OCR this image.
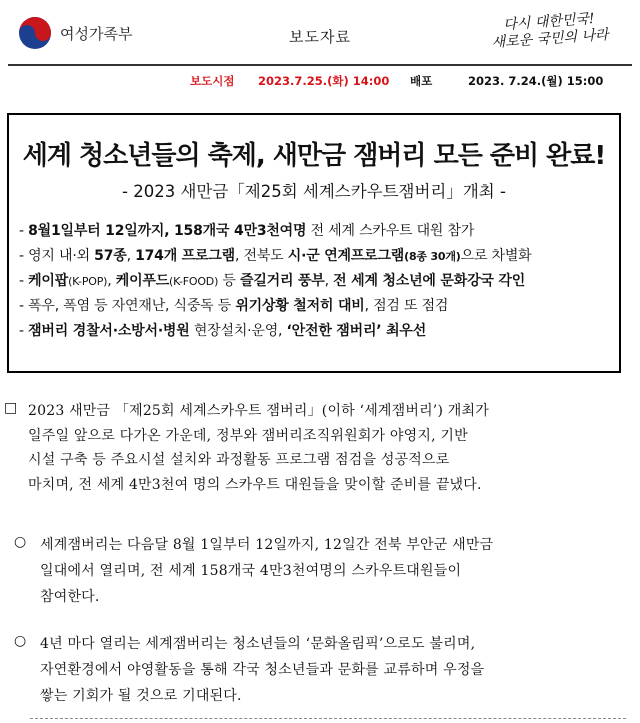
여성가족부	보도자료
다시 대한민국!
새로운 국민의 나라
보도시점 2023.7.25.(화) 14:00 배포	2023. 7.24.(월) 15:00
세계 청소년들의 축제, 새만금 잼버리 모든 준비 완료!
- 2023 새만금「제25회 세계스카우트잼버리」개최 -
- 8월1일부터 12일까지, 158개국 4만3천여명 전 세계 스카우트 대원 참가
- 영지 내·외 57종, 174개 프로그램, 전북도 시·군 연계프로그램(8종 30개)으로 차별화
- 케이팝(K-POP), 케이푸드(K-FOOD) 등 즐길거리 풍부, 전 세계 청소년에 문화강국 각인
- 폭우, 폭염 등 자연재난, 식중독 등 위기상황 철저히 대비, 점검 또 점검
- 잼버리 경찰서·소방서·병원 현장설치·운영, ‘안전한 잼버리’ 최우선
□ 2023 새만금 「제25회 세계스카우트 잼버리」(이하 ‘세계잼버리’) 개최가
일주일 앞으로 다가온 가운데, 정부와 잼버리조직위원회가 야영지, 기반
시설 구축 등 주요시설 설치와 과정활동 프로그램 점검을 성공적으로
마치며, 전 세계 4만3천여 명의 스카우트 대원들을 맞이할 준비를 끝냈다.
○ 세계잼버리는 다음달 8월 1일부터 12일까지, 12일간 전북 부안군 새만금
일대에서 열리며, 전 세계 158개국 4만3천여명의 스카우트대원들이
참여한다.
○ 4년 마다 열리는 세계잼버리는 청소년들의 ‘문화올림픽’으로도 불리며,
자연환경에서 야영활동을 통해 각국 청소년들과 문화를 교류하며 우정을
쌓는 기회가 될 것으로 기대된다.
